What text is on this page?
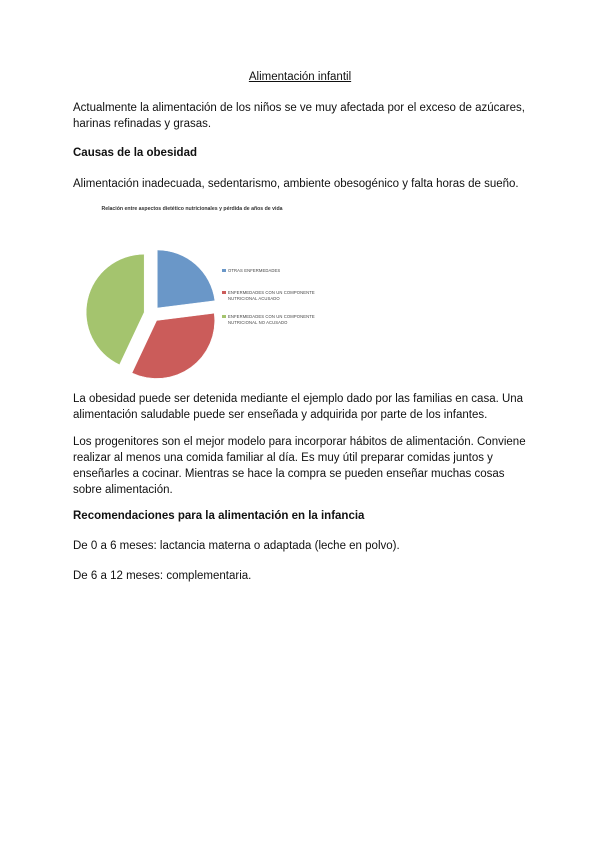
Alimentación infantil

Actualmente la alimentación de los niños se ve muy afectada por el exceso de azúcares, harinas refinadas y grasas.

Causas de la obesidad

Alimentación inadecuada, sedentarismo, ambiente obesogénico y falta horas de sueño.

Relación entre aspectos dietético nutricionales y pérdida de años de vida
OTRAS ENFERMEDADES
ENFERMEDADES CON UN COMPONENTE NUTRICIONAL ACUSADO
ENFERMEDADES CON UN COMPONENTE NUTRICIONAL NO ACUSADO

La obesidad puede ser detenida mediante el ejemplo dado por las familias en casa. Una alimentación saludable puede ser enseñada y adquirida por parte de los infantes.

Los progenitores son el mejor modelo para incorporar hábitos de alimentación. Conviene realizar al menos una comida familiar al día. Es muy útil preparar comidas juntos y enseñarles a cocinar. Mientras se hace la compra se pueden enseñar muchas cosas sobre alimentación.

Recomendaciones para la alimentación en la infancia

De 0 a 6 meses: lactancia materna o adaptada (leche en polvo).

De 6 a 12 meses: complementaria.
